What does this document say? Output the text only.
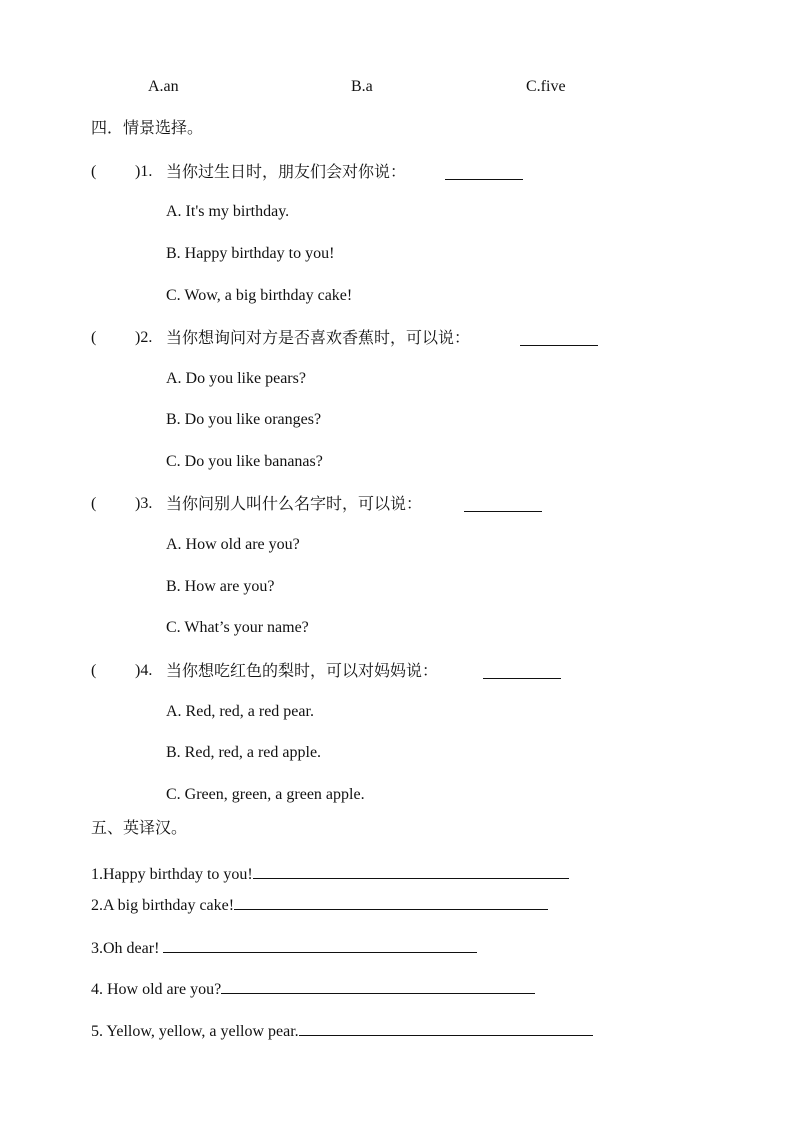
A.an	B.a	C.five
四．情景选择。
( )1. 当你过生日时，朋友们会对你说：
A. It's my birthday.
B. Happy birthday to you!
C. Wow, a big birthday cake!
( )2. 当你想询问对方是否喜欢香蕉时，可以说：
A. Do you like pears?
B. Do you like oranges?
C. Do you like bananas?
( )3. 当你问别人叫什么名字时，可以说：
A. How old are you?
B. How are you?
C. What’s your name?
( )4. 当你想吃红色的梨时，可以对妈妈说：
A. Red, red, a red pear.
B. Red, red, a red apple.
C. Green, green, a green apple.
五、英译汉。
1.Happy birthday to you!
2.A big birthday cake!
3.Oh dear!
4. How old are you?
5. Yellow, yellow, a yellow pear.
